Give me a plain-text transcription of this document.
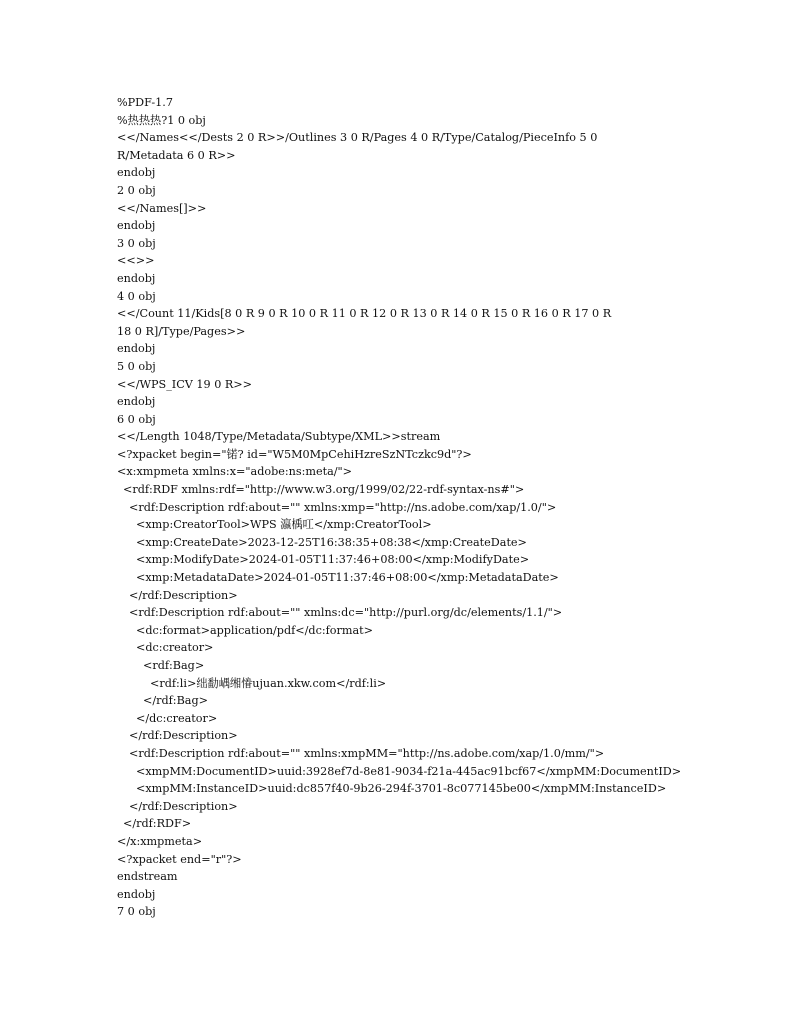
%PDF-1.7
%热热热?1 0 obj
<</Names<</Dests 2 0 R>>/Outlines 3 0 R/Pages 4 0 R/Type/Catalog/PieceInfo 5 0
R/Metadata 6 0 R>>
endobj
2 0 obj
<</Names[]>>
endobj
3 0 obj
<<>>
endobj
4 0 obj
<</Count 11/Kids[8 0 R 9 0 R 10 0 R 11 0 R 12 0 R 13 0 R 14 0 R 15 0 R 16 0 R 17 0 R
18 0 R]/Type/Pages>>
endobj
5 0 obj
<</WPS_ICV 19 0 R>>
endobj
6 0 obj
<</Length 1048/Type/Metadata/Subtype/XML>>stream
<?xpacket begin="锘? id="W5M0MpCehiHzreSzNTczkc9d"?>
<x:xmpmeta xmlns:x="adobe:ns:meta/">
<rdf:RDF xmlns:rdf="http://www.w3.org/1999/02/22-rdf-syntax-ns#">
<rdf:Description rdf:about="" xmlns:xmp="http://ns.adobe.com/xap/1.0/">
<xmp:CreatorTool>WPS 瀛楀叿</xmp:CreatorTool>
<xmp:CreateDate>2023-12-25T16:38:35+08:38</xmp:CreateDate>
<xmp:ModifyDate>2024-01-05T11:37:46+08:00</xmp:ModifyDate>
<xmp:MetadataDate>2024-01-05T11:37:46+08:00</xmp:MetadataDate>
</rdf:Description>
<rdf:Description rdf:about="" xmlns:dc="http://purl.org/dc/elements/1.1/">
<dc:format>application/pdf</dc:format>
<dc:creator>
<rdf:Bag>
<rdf:li>绌勫嵎缃慻ujuan.xkw.com</rdf:li>
</rdf:Bag>
</dc:creator>
</rdf:Description>
<rdf:Description rdf:about="" xmlns:xmpMM="http://ns.adobe.com/xap/1.0/mm/">
<xmpMM:DocumentID>uuid:3928ef7d-8e81-9034-f21a-445ac91bcf67</xmpMM:DocumentID>
<xmpMM:InstanceID>uuid:dc857f40-9b26-294f-3701-8c077145be00</xmpMM:InstanceID>
</rdf:Description>
</rdf:RDF>
</x:xmpmeta>
<?xpacket end="r"?>
endstream
endobj
7 0 obj
